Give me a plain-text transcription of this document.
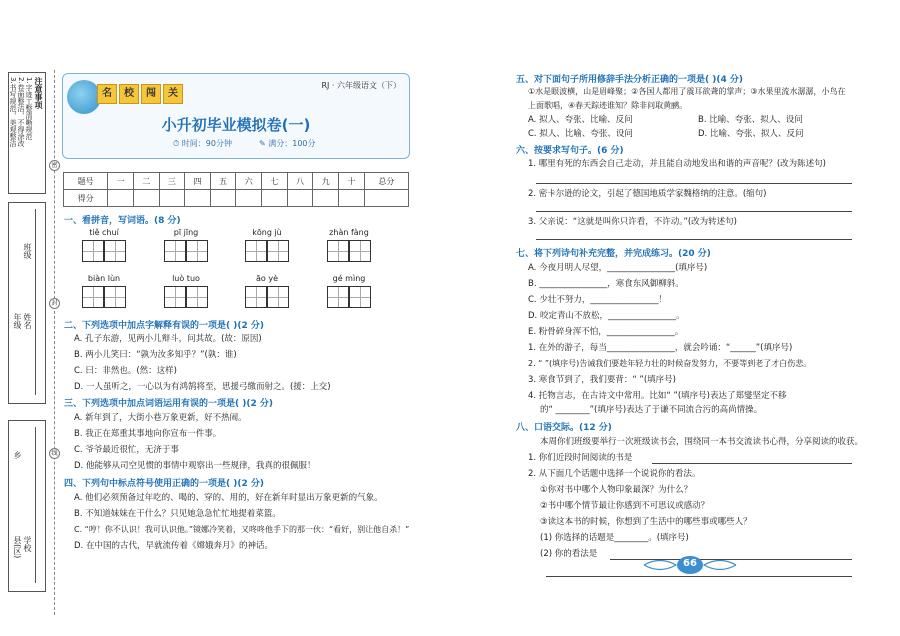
注意事项
1.字迹工整清晰规范
2.卷面整洁，不得涂改
3.书写规范，美观整洁
年级 姓名
班级
县(区) 学校
乡
密
封
线
名	校	闯	关
RJ · 六年级语文（下）
小升初毕业模拟卷(一)
⏱ 时间：90分钟	✎ 满分：100分
题号	一	二	三	四	五	六	七	八	九	十	总分
得分											
一、看拼音，写词语。(8 分)
tiě chuí	pī jīng	kōng jù	zhàn fàng
biàn lùn	luò tuo	āo yè	gé mìng
二、下列选项中加点字解释有误的一项是( )(2 分)
A. 孔子东游，见两小儿辩斗，问其故。(故：原因)
B. 两小儿笑曰：“孰为汝多知乎？”(孰：谁)
C. 曰：非然也。(然：这样)
D. 一人虽听之，一心以为有鸿鹄将至，思援弓缴而射之。(援：上交)
三、下列选项中加点词语运用有误的一项是( )(2 分)
A. 新年到了，大街小巷万象更新，好不热闹。
B. 我正在郑重其事地向你宣布一件事。
C. 爷爷最近很忙，无济于事
D. 他能够从司空见惯的事情中观察出一些规律，我真的很佩服！
四、下列句中标点符号使用正确的一项是( )(2 分)
A. 他们必须预备过年吃的、喝的、穿的、用的，好在新年时显出万象更新的气象。
B. 不知道妹妹在干什么？只见她急急忙忙地提着菜篮。
C. “哼！你不认识！我可认识他。”镜娜冷笑着，又咚咚他手下的那一伙：“看好，别让他自杀！”
D. 在中国的古代，早就流传着《嫦娥奔月》的神话。
五、对下面句子所用修辞手法分析正确的一项是( )(4 分)
①水是眼波横，山是眉峰聚；②各国人都用了震耳欲聋的掌声；③水果里流水潺潺，小鸟在
上面歌唱，④春天踪迹谁知？除非问取黄鹂。
A. 拟人、夸张、比喻、反问	B. 比喻、夸张、拟人、设问
C. 拟人、比喻、夸张、设问	D. 比喻、夸张、拟人、反问
六、按要求写句子。(6 分)
1. 哪里有死的东西会自己走动，并且能自动地发出和谐的声音呢？(改为陈述句)
2. 密卡尔逊的论文，引起了德国地质学家魏格纳的注意。(缩句)
3. 父亲说：“这就是叫你只许看，不许动。”(改为转述句)
七、将下列诗句补充完整，并完成练习。(20 分)
A. 今夜月明人尽望，________________(填序号)
B. ________________，寒食东风御柳斜。
C. 少壮不努力，________________！
D. 咬定青山不放松，________________。
E. 粉骨碎身浑不怕，________________。
1. 在外的游子，每当________________，就会吟诵：“______”(填序号)
2. “ ”(填序号)告诫我们要趁年轻力壮的时候奋发努力，不要等到老了才白伤悲。
3. 寒食节到了，我们要背：“ ”(填序号)
4. 托物言志，在古诗文中常用。比如“ ”(填序号)表达了郑燮坚定不移
的“ ________”(填序号)表达了于谦不同流合污的高尚情操。
八、口语交际。(12 分)
本周你们班级要举行一次班级读书会，围绕同一本书交流读书心得，分享阅读的收获。
1. 你们近段时间阅读的书是
2. 从下面几个话题中选择一个说说你的看法。
①你对书中哪个人物印象最深？为什么？
②书中哪个情节最让你感到不可思议或感动？
③读这本书的时候，你想到了生活中的哪些事或哪些人？
(1) 你选择的话题是________。(填序号)
(2) 你的看法是
66
